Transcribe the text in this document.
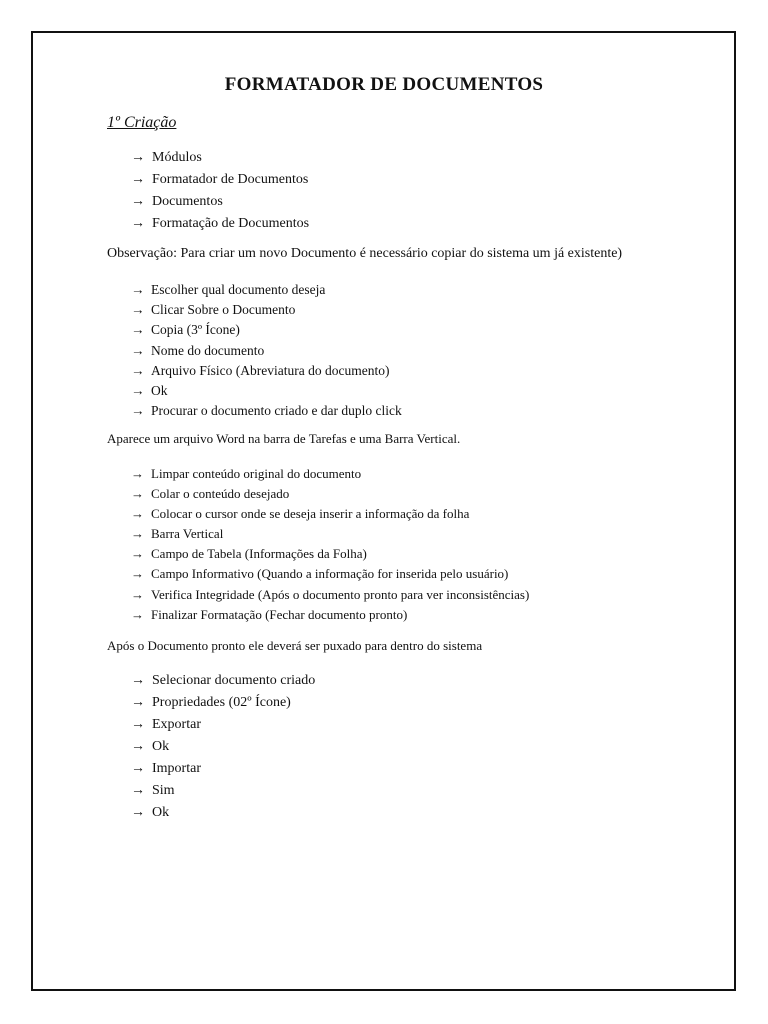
FORMATADOR DE DOCUMENTOS
1º Criação
→ Módulos
→ Formatador de Documentos
→ Documentos
→ Formatação de Documentos

Observação: Para criar um novo Documento é necessário copiar do sistema um já existente)

→ Escolher qual documento deseja
→ Clicar Sobre o Documento
→ Copia (3º Ícone)
→ Nome do documento
→ Arquivo Físico (Abreviatura do documento)
→ Ok
→ Procurar o documento criado e dar duplo click

Aparece um arquivo Word na barra de Tarefas e uma Barra Vertical.

→ Limpar conteúdo original do documento
→ Colar o conteúdo desejado
→ Colocar o cursor onde se deseja inserir a informação da folha
→ Barra Vertical
→ Campo de Tabela (Informações da Folha)
→ Campo Informativo (Quando a informação for inserida pelo usuário)
→ Verifica Integridade (Após o documento pronto para ver inconsistências)
→ Finalizar Formatação (Fechar documento pronto)

Após o Documento pronto ele deverá ser puxado para dentro do sistema

→ Selecionar documento criado
→ Propriedades (02º Ícone)
→ Exportar
→ Ok
→ Importar
→ Sim
→ Ok
